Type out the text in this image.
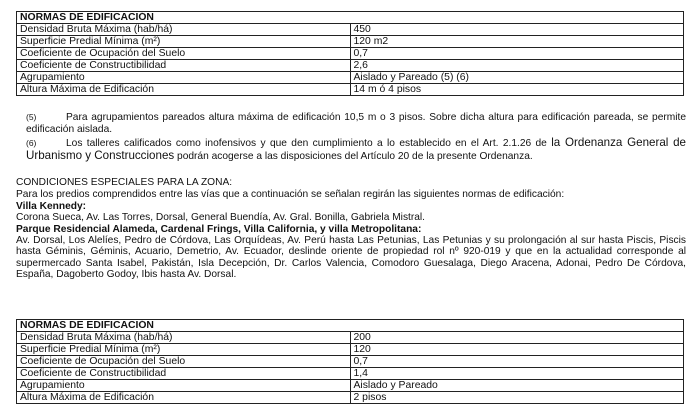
NORMAS DE EDIFICACIÓN	
Densidad Bruta Máxima (hab/há)	450
Superficie Predial Mínima (m²)	120 m2
Coeficiente de Ocupación del Suelo	0,7
Coeficiente de Constructibilidad	2,6
Agrupamiento	Aislado y Pareado (5) (6)
Altura Máxima de Edificación	14 m ó 4 pisos
(5)	Para agrupamientos pareados altura máxima de edificación 10,5 m o 3 pisos. Sobre dicha altura para edificación pareada, se permite edificación aislada.
(6)	Los talleres calificados como inofensivos y que den cumplimiento a lo establecido en el Art. 2.1.26 de la Ordenanza General de Urbanismo y Construcciones podrán acogerse a las disposiciones del Artículo 20 de la presente Ordenanza.
CONDICIONES ESPECIALES PARA LA ZONA:
Para los predios comprendidos entre las vías que a continuación se señalan regirán las siguientes normas de edificación:
Villa Kennedy:
Corona Sueca, Av. Las Torres, Dorsal, General Buendía, Av. Gral. Bonilla, Gabriela Mistral.
Parque Residencial Alameda, Cardenal Frings, Villa California, y villa Metropolitana:
Av. Dorsal, Los Alelíes, Pedro de Córdova, Las Orquídeas, Av. Perú hasta Las Petunias, Las Petunias y su prolongación al sur hasta Piscis, Piscis hasta Géminis, Géminis, Acuario, Demetrio, Av. Ecuador, deslinde oriente de propiedad rol nº 920-019 y que en la actualidad corresponde al supermercado Santa Isabel, Pakistán, Isla Decepción, Dr. Carlos Valencia, Comodoro Guesalaga, Diego Aracena, Adonai, Pedro De Córdova, España, Dagoberto Godoy, Ibis hasta Av. Dorsal.
NORMAS DE EDIFICACIÓN	
Densidad Bruta Máxima (hab/há)	200
Superficie Predial Mínima (m²)	120
Coeficiente de Ocupación del Suelo	0,7
Coeficiente de Constructibilidad	1,4
Agrupamiento	Aislado y Pareado
Altura Máxima de Edificación	2 pisos
